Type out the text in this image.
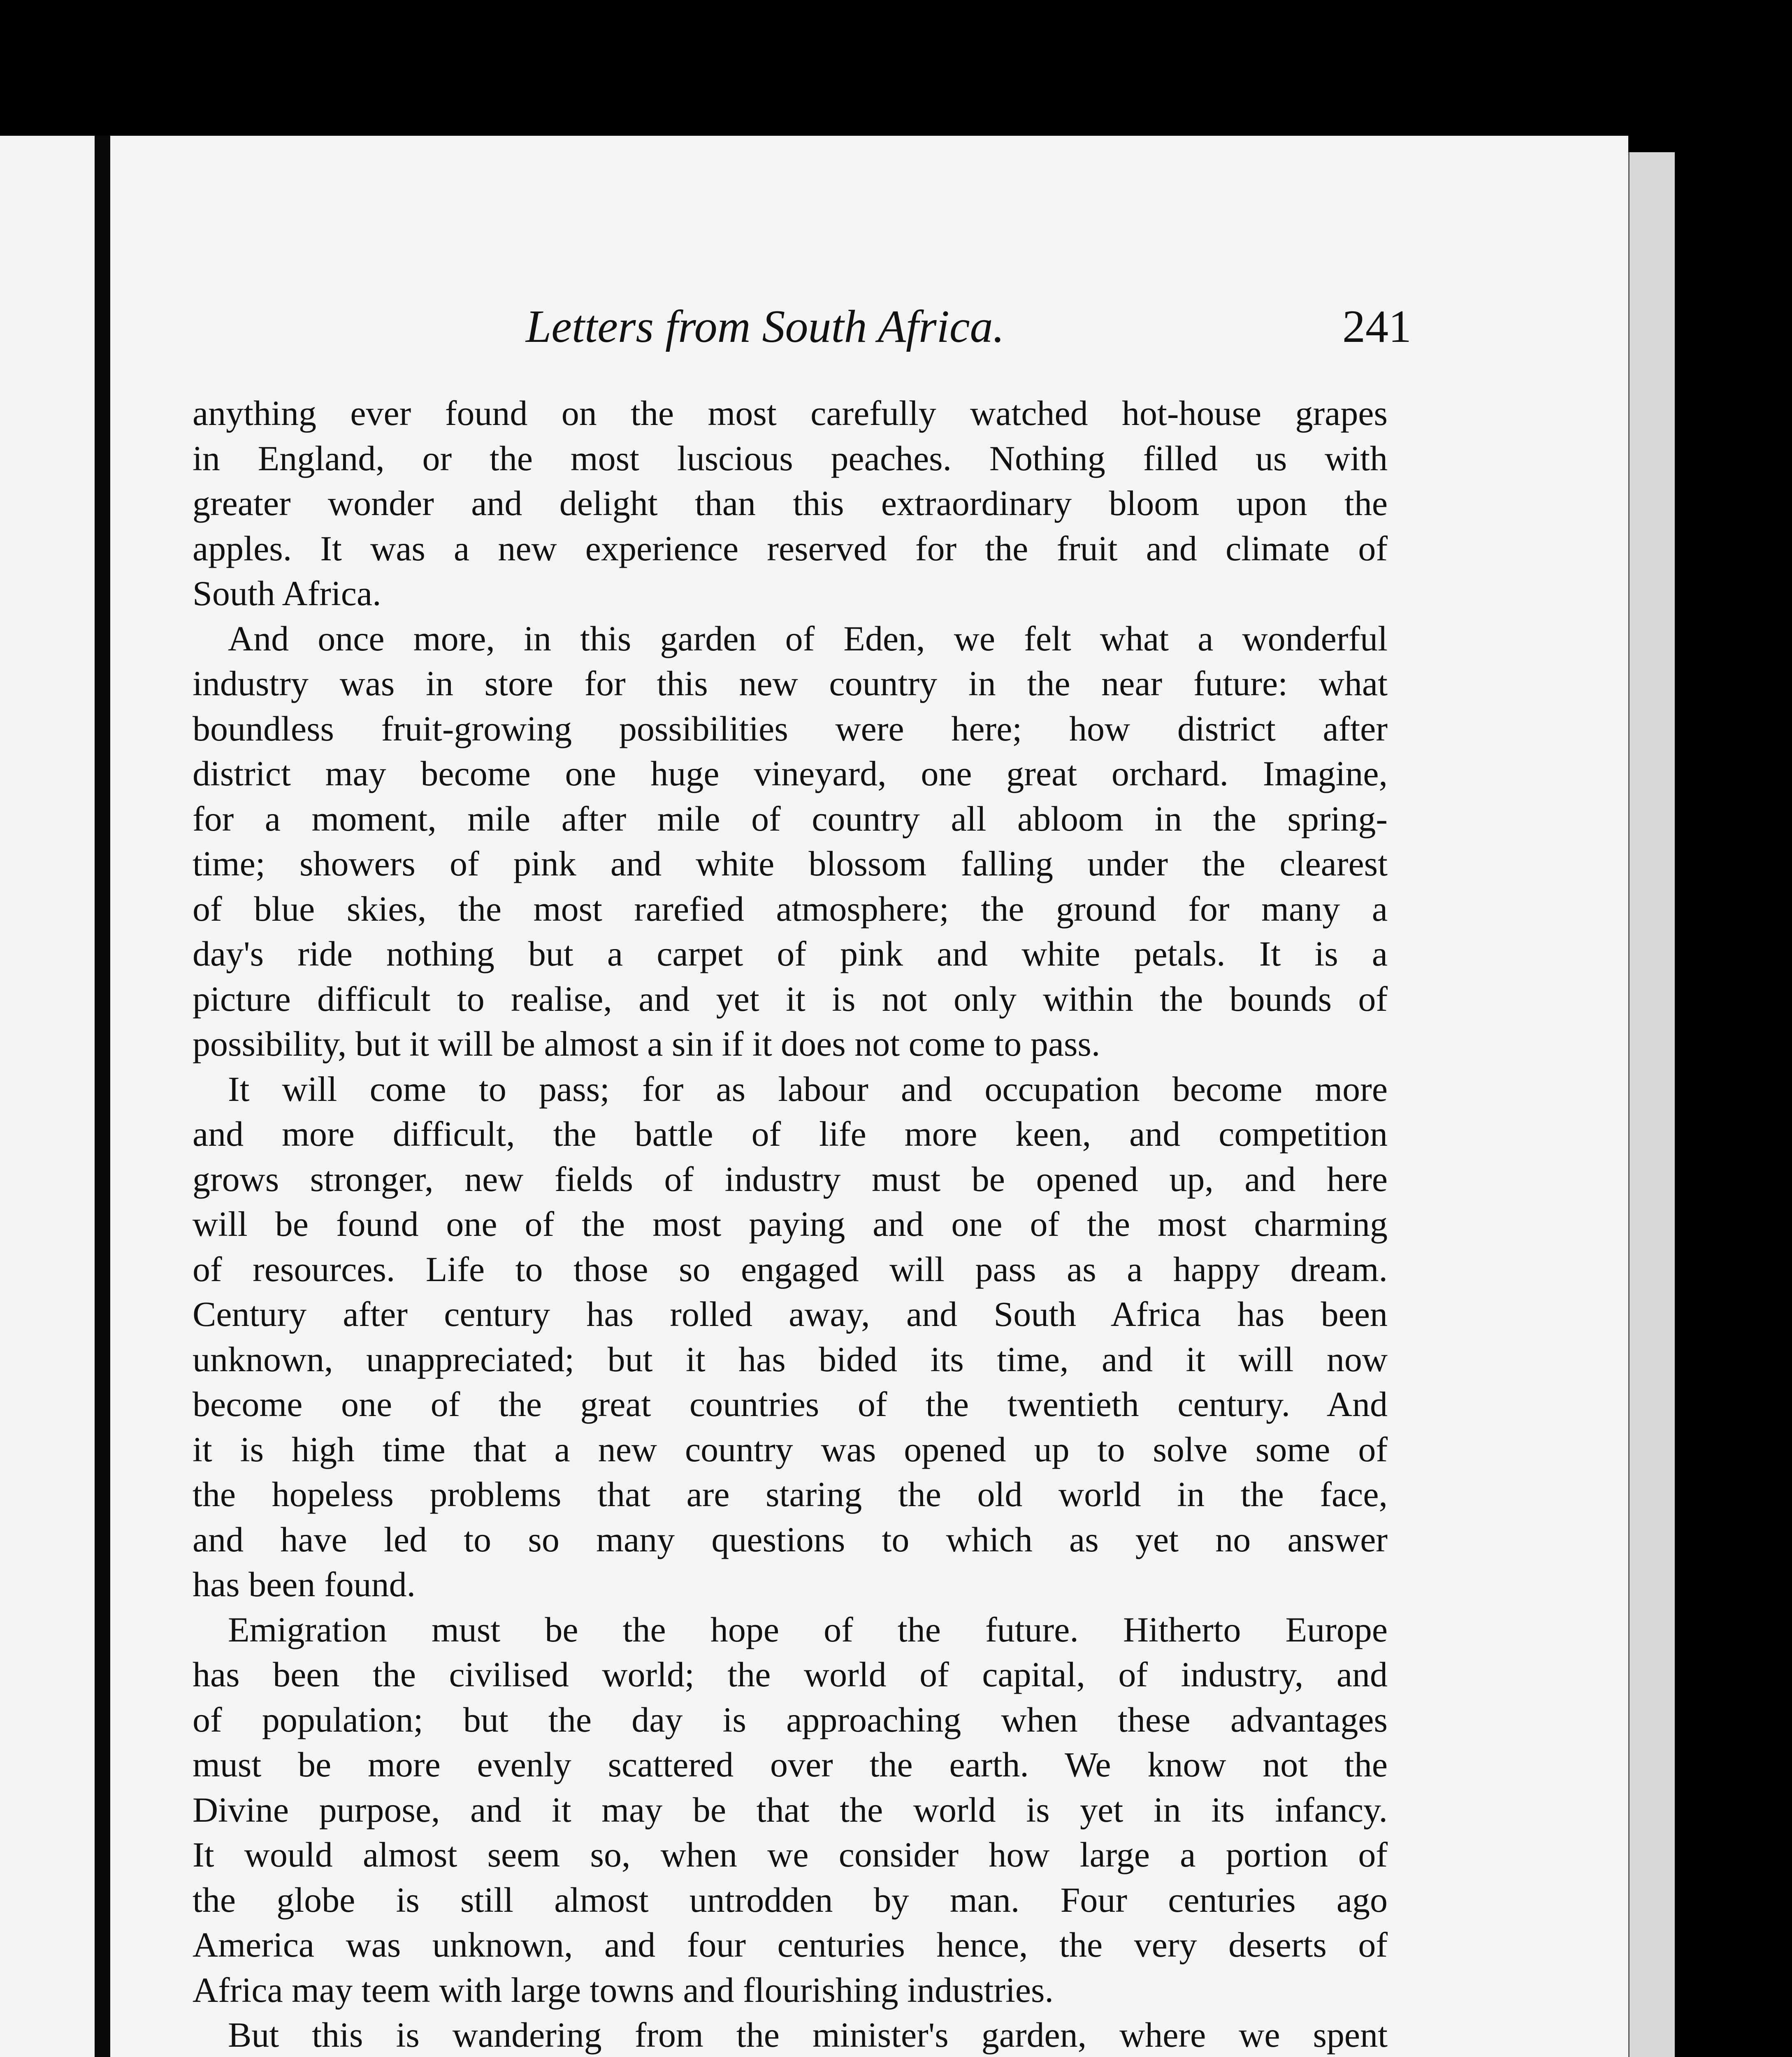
Letters from South Africa.	241
anything ever found on the most carefully watched hot-house grapes
in England, or the most luscious peaches. Nothing filled us with
greater wonder and delight than this extraordinary bloom upon the
apples. It was a new experience reserved for the fruit and climate of
South Africa.
 And once more, in this garden of Eden, we felt what a wonderful
industry was in store for this new country in the near future: what
boundless fruit-growing possibilities were here; how district after
district may become one huge vineyard, one great orchard. Imagine,
for a moment, mile after mile of country all abloom in the spring-
time; showers of pink and white blossom falling under the clearest
of blue skies, the most rarefied atmosphere; the ground for many a
day's ride nothing but a carpet of pink and white petals. It is a
picture difficult to realise, and yet it is not only within the bounds of
possibility, but it will be almost a sin if it does not come to pass.
 It will come to pass; for as labour and occupation become more
and more difficult, the battle of life more keen, and competition
grows stronger, new fields of industry must be opened up, and here
will be found one of the most paying and one of the most charming
of resources. Life to those so engaged will pass as a happy dream.
Century after century has rolled away, and South Africa has been
unknown, unappreciated; but it has bided its time, and it will now
become one of the great countries of the twentieth century. And
it is high time that a new country was opened up to solve some of
the hopeless problems that are staring the old world in the face,
and have led to so many questions to which as yet no answer
has been found.
 Emigration must be the hope of the future. Hitherto Europe
has been the civilised world; the world of capital, of industry, and
of population; but the day is approaching when these advantages
must be more evenly scattered over the earth. We know not the
Divine purpose, and it may be that the world is yet in its infancy.
It would almost seem so, when we consider how large a portion of
the globe is still almost untrodden by man. Four centuries ago
America was unknown, and four centuries hence, the very deserts of
Africa may teem with large towns and flourishing industries.
 But this is wandering from the minister's garden, where we spent
